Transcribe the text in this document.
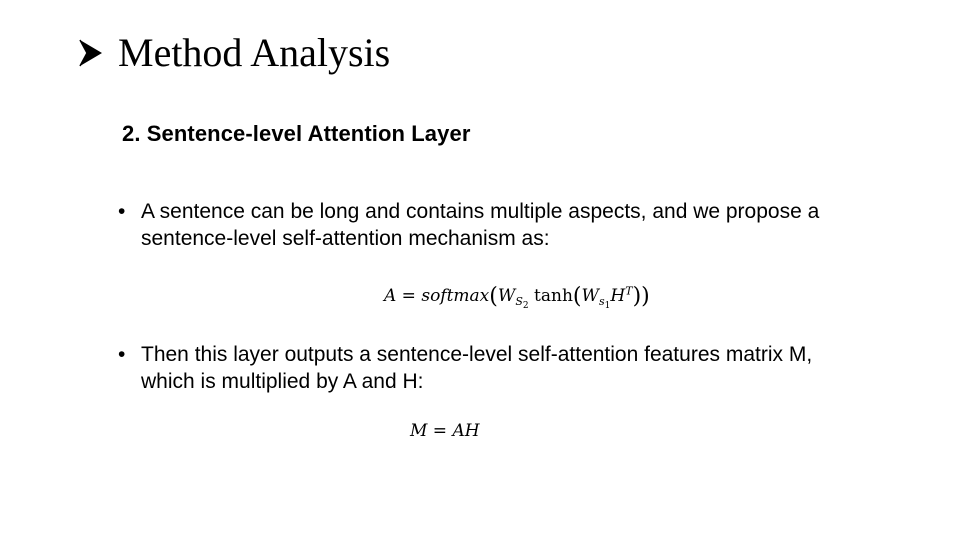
Method Analysis
2. Sentence-level Attention Layer
• A sentence can be long and contains multiple aspects, and we propose a
sentence-level self-attention mechanism as:
$A = softmax(W_{S_2}$ $\tanh(W_{s_1}H^T)$)
• Then this layer outputs a sentence-level self-attention features matrix M,
which is multiplied by A and H:
M = AH
